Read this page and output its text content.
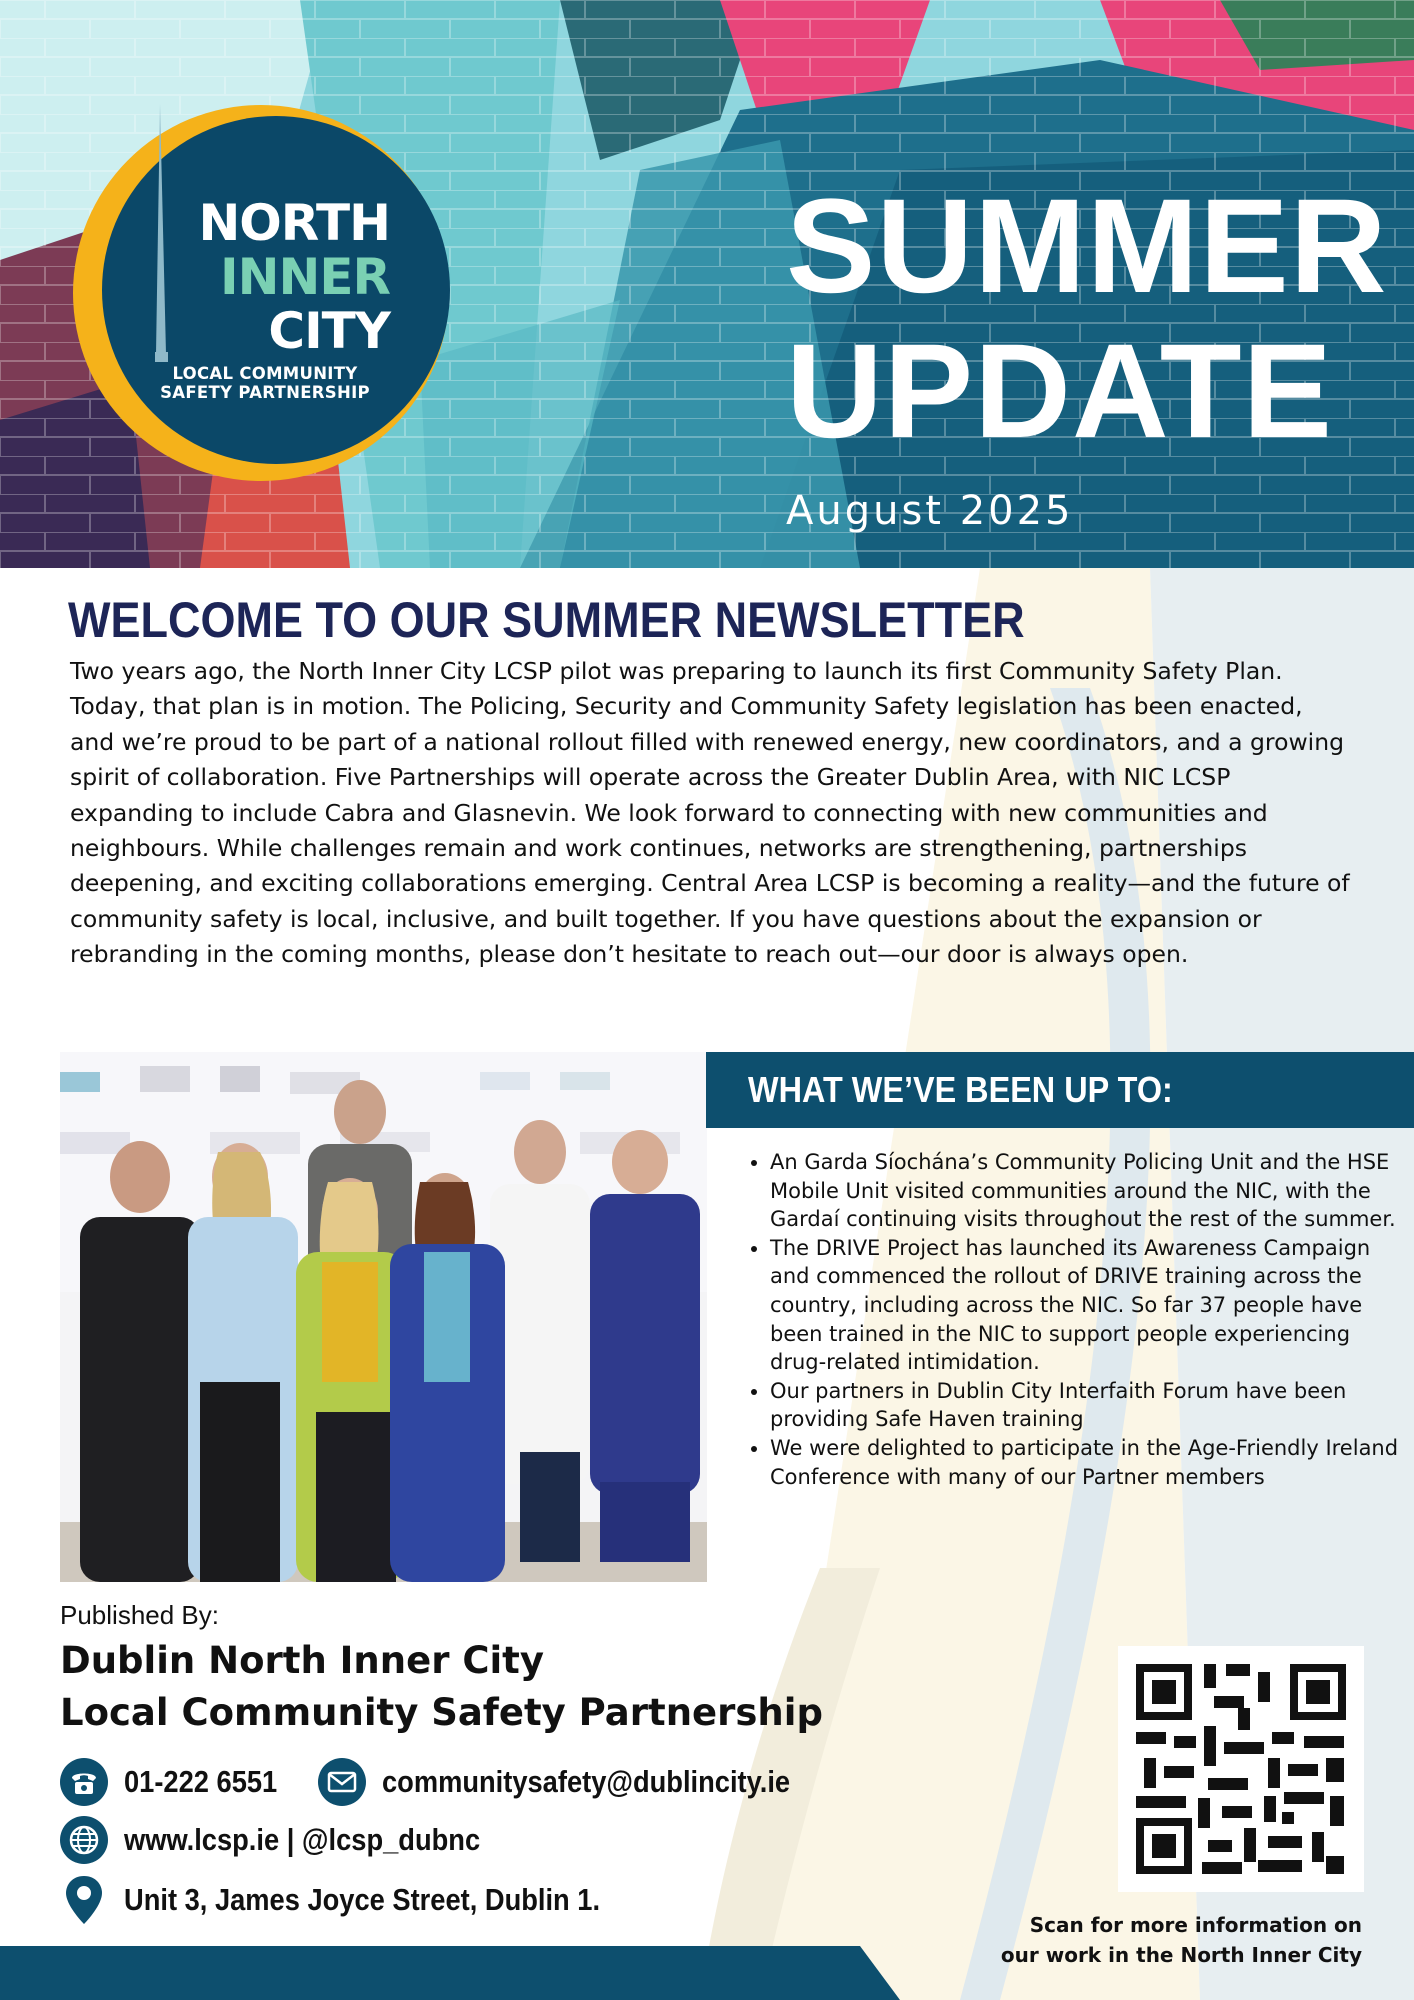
NORTH
INNER
CITY
LOCAL COMMUNITY
SAFETY PARTNERSHIP
SUMMER
UPDATE
August 2025
WELCOME TO OUR SUMMER NEWSLETTER
Two years ago, the North Inner City LCSP pilot was preparing to launch its first Community Safety Plan. Today, that plan is in motion. The Policing, Security and Community Safety legislation has been enacted, and we’re proud to be part of a national rollout filled with renewed energy, new coordinators, and a growing spirit of collaboration. Five Partnerships will operate across the Greater Dublin Area, with NIC LCSP expanding to include Cabra and Glasnevin. We look forward to connecting with new communities and neighbours. While challenges remain and work continues, networks are strengthening, partnerships deepening, and exciting collaborations emerging. Central Area LCSP is becoming a reality—and the future of community safety is local, inclusive, and built together. If you have questions about the expansion or rebranding in the coming months, please don’t hesitate to reach out—our door is always open.
WHAT WE’VE BEEN UP TO:
• An Garda Síochána’s Community Policing Unit and the HSE Mobile Unit visited communities around the NIC, with the Gardaí continuing visits throughout the rest of the summer.
• The DRIVE Project has launched its Awareness Campaign and commenced the rollout of DRIVE training across the country, including across the NIC. So far 37 people have been trained in the NIC to support people experiencing drug-related intimidation.
• Our partners in Dublin City Interfaith Forum have been providing Safe Haven training
• We were delighted to participate in the Age-Friendly Ireland Conference with many of our Partner members
Published By:
Dublin North Inner City
Local Community Safety Partnership
01-222 6551	communitysafety@dublincity.ie
www.lcsp.ie | @lcsp_dubnc
Unit 3, James Joyce Street, Dublin 1.
Scan for more information on
our work in the North Inner City
